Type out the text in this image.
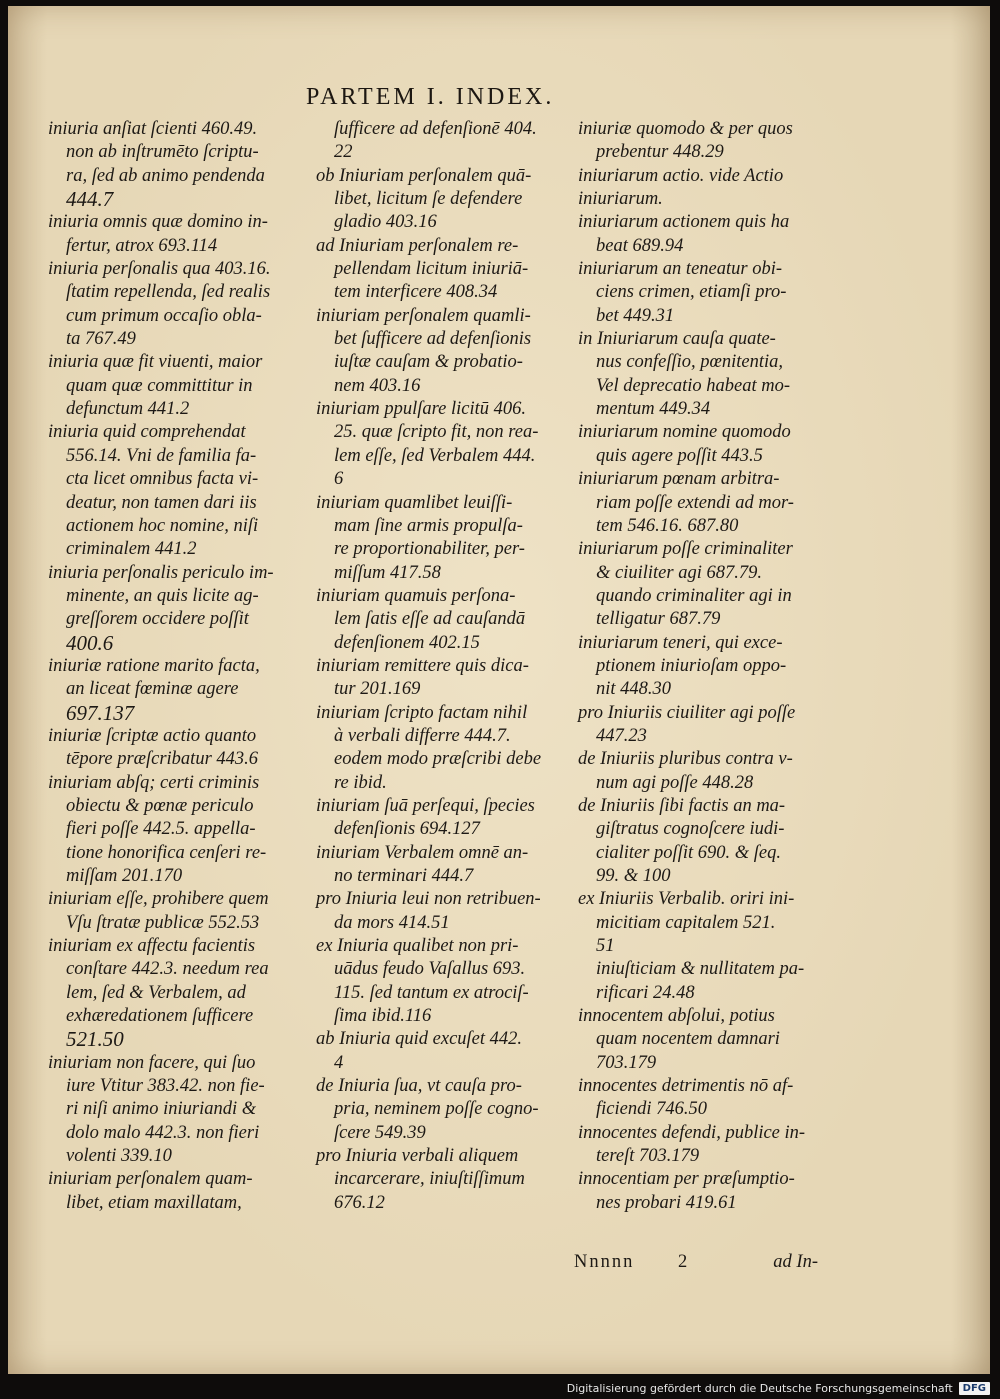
PARTEM I. INDEX.
iniuria anſiat ſcienti 460.49.
non ab inſtrumēto ſcriptu-
ra, ſed ab animo pendenda
444.7
iniuria omnis quæ domino in-
fertur, atrox 693.114
iniuria perſonalis qua 403.16.
ſtatim repellenda, ſed realis
cum primum occaſio obla-
ta 767.49
iniuria quæ fit viuenti, maior
quam quæ committitur in
defunctum 441.2
iniuria quid comprehendat
556.14. Vni de familia fa-
cta licet omnibus facta vi-
deatur, non tamen dari iis
actionem hoc nomine, niſi
criminalem 441.2
iniuria perſonalis periculo im-
minente, an quis licite ag-
greſſorem occidere poſſit
400.6
iniuriæ ratione marito facta,
an liceat fœminæ agere
697.137
iniuriæ ſcriptæ actio quanto
tēpore præſcribatur 443.6
iniuriam abſq; certi criminis
obiectu & pœnæ periculo
fieri poſſe 442.5. appella-
tione honorifica cenſeri re-
miſſam 201.170
iniuriam eſſe, prohibere quem
Vſu ſtratæ publicæ 552.53
iniuriam ex affectu facientis
conſtare 442.3. needum rea
lem, ſed & Verbalem, ad
exhæredationem ſufficere
521.50
iniuriam non facere, qui ſuo
iure Vtitur 383.42. non fie-
ri niſi animo iniuriandi &
dolo malo 442.3. non fieri
volenti 339.10
iniuriam perſonalem quam-
libet, etiam maxillatam,
ſufficere ad defenſionē 404.
22
ob Iniuriam perſonalem quā-
libet, licitum ſe defendere
gladio 403.16
ad Iniuriam perſonalem re-
pellendam licitum iniuriā-
tem interficere 408.34
iniuriam perſonalem quamli-
bet ſufficere ad defenſionis
iuſtæ cauſam & probatio-
nem 403.16
iniuriam ppulſare licitū 406.
25. quæ ſcripto fit, non rea-
lem eſſe, ſed Verbalem 444.
6
iniuriam quamlibet leuiſſi-
mam ſine armis propulſa-
re proportionabiliter, per-
miſſum 417.58
iniuriam quamuis perſona-
lem ſatis eſſe ad cauſandā
defenſionem 402.15
iniuriam remittere quis dica-
tur 201.169
iniuriam ſcripto factam nihil
à verbali differre 444.7.
eodem modo præſcribi debe
re ibid.
iniuriam ſuā perſequi, ſpecies
defenſionis 694.127
iniuriam Verbalem omnē an-
no terminari 444.7
pro Iniuria leui non retribuen-
da mors 414.51
ex Iniuria qualibet non pri-
uādus feudo Vaſallus 693.
115. ſed tantum ex atrociſ-
ſima ibid.116
ab Iniuria quid excuſet 442.
4
de Iniuria ſua, vt cauſa pro-
pria, neminem poſſe cogno-
ſcere 549.39
pro Iniuria verbali aliquem
incarcerare, iniuſtiſſimum
676.12
iniuriæ quomodo & per quos
prebentur 448.29
iniuriarum actio. vide Actio
iniuriarum.
iniuriarum actionem quis ha
beat 689.94
iniuriarum an teneatur obi-
ciens crimen, etiamſi pro-
bet 449.31
in Iniuriarum cauſa quate-
nus confeſſio, pœnitentia,
Vel deprecatio habeat mo-
mentum 449.34
iniuriarum nomine quomodo
quis agere poſſit 443.5
iniuriarum pœnam arbitra-
riam poſſe extendi ad mor-
tem 546.16. 687.80
iniuriarum poſſe criminaliter
& ciuiliter agi 687.79.
quando criminaliter agi in
telligatur 687.79
iniuriarum teneri, qui exce-
ptionem iniurioſam oppo-
nit 448.30
pro Iniuriis ciuiliter agi poſſe
447.23
de Iniuriis pluribus contra v-
num agi poſſe 448.28
de Iniuriis ſibi factis an ma-
giſtratus cognoſcere iudi-
cialiter poſſit 690. & ſeq.
99. & 100
ex Iniuriis Verbalib. oriri ini-
micitiam capitalem 521.
51
iniuſticiam & nullitatem pa-
rificari 24.48
innocentem abſolui, potius
quam nocentem damnari
703.179
innocentes detrimentis nō af-
ficiendi 746.50
innocentes defendi, publice in-
tereſt 703.179
innocentiam per præſumptio-
nes probari 419.61
Nnnnn 2	ad In-
Digitalisierung gefördert durch die Deutsche Forschungsgemeinschaft	DFG
